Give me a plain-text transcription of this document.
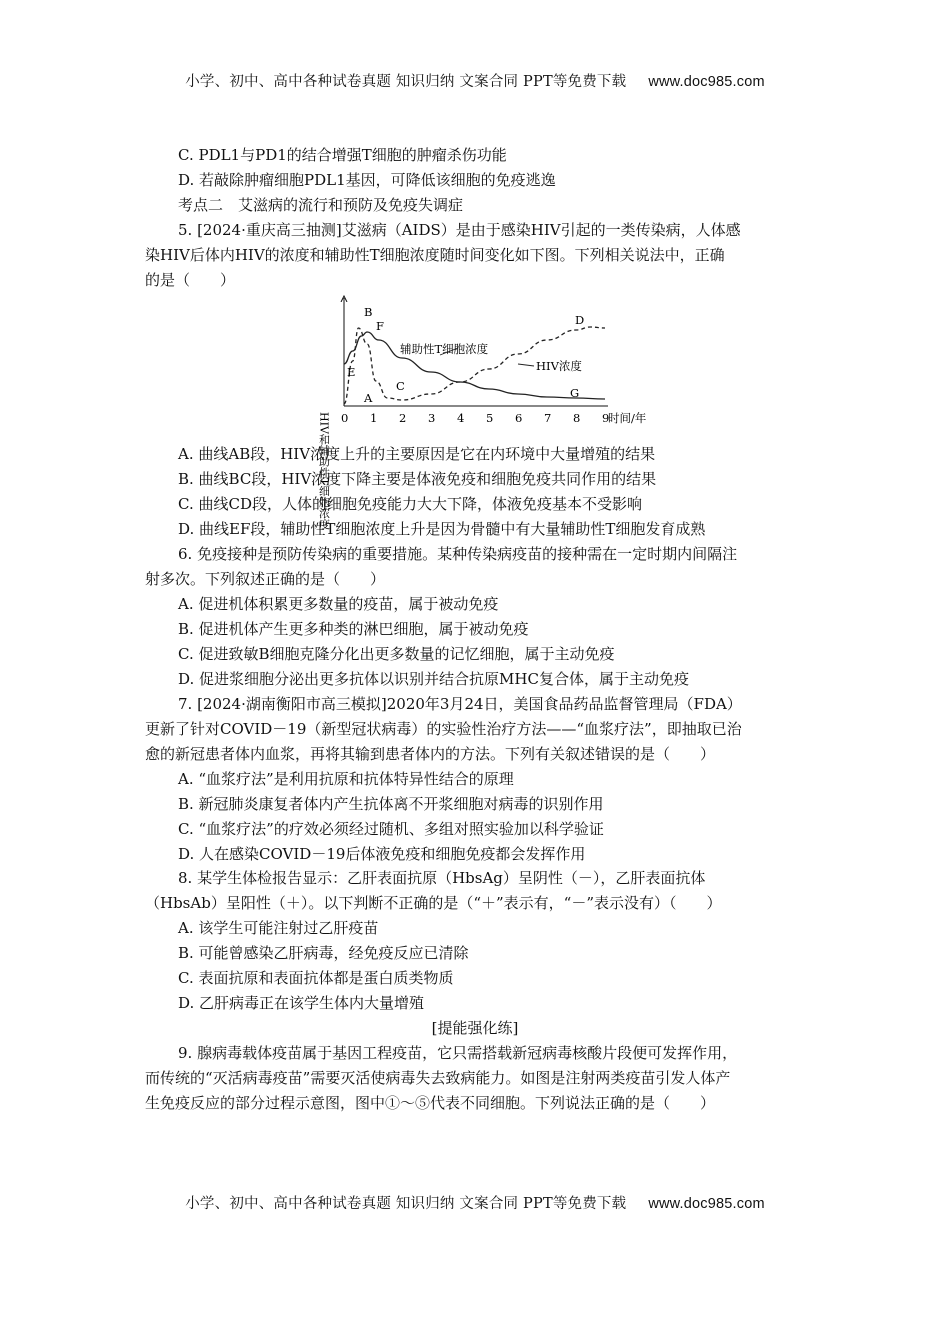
小学、初中、高中各种试卷真题 知识归纳 文案合同 PPT等免费下载 www.doc985.com
C. PDL1与PD1的结合增强T细胞的肿瘤杀伤功能
D. 若敲除肿瘤细胞PDL1基因，可降低该细胞的免疫逃逸
考点二　艾滋病的流行和预防及免疫失调症
5. [2024·重庆高三抽测]艾滋病（AIDS）是由于感染HIV引起的一类传染病，人体感
染HIV后体内HIV的浓度和辅助性T细胞浓度随时间变化如下图。下列相关说法中，正确
的是（　　）
HIV和辅助性T细胞浓度	时间/年
0 1 2 3 4 5 6 7 8 9
辅助性T细胞浓度
HIV浓度
A
B
C
D
E
F
G
A. 曲线AB段，HIV浓度上升的主要原因是它在内环境中大量增殖的结果
B. 曲线BC段，HIV浓度下降主要是体液免疫和细胞免疫共同作用的结果
C. 曲线CD段，人体的细胞免疫能力大大下降，体液免疫基本不受影响
D. 曲线EF段，辅助性T细胞浓度上升是因为骨髓中有大量辅助性T细胞发育成熟
6. 免疫接种是预防传染病的重要措施。某种传染病疫苗的接种需在一定时期内间隔注
射多次。下列叙述正确的是（　　）
A. 促进机体积累更多数量的疫苗，属于被动免疫
B. 促进机体产生更多种类的淋巴细胞，属于被动免疫
C. 促进致敏B细胞克隆分化出更多数量的记忆细胞，属于主动免疫
D. 促进浆细胞分泌出更多抗体以识别并结合抗原MHC复合体，属于主动免疫
7. [2024·湖南衡阳市高三模拟]2020年3月24日，美国食品药品监督管理局（FDA）
更新了针对COVID－19（新型冠状病毒）的实验性治疗方法——“血浆疗法”，即抽取已治
愈的新冠患者体内血浆，再将其输到患者体内的方法。下列有关叙述错误的是（　　）
A. “血浆疗法”是利用抗原和抗体特异性结合的原理
B. 新冠肺炎康复者体内产生抗体离不开浆细胞对病毒的识别作用
C. “血浆疗法”的疗效必须经过随机、多组对照实验加以科学验证
D. 人在感染COVID－19后体液免疫和细胞免疫都会发挥作用
8. 某学生体检报告显示：乙肝表面抗原（HbsAg）呈阴性（－），乙肝表面抗体
（HbsAb）呈阳性（＋）。以下判断不正确的是（“＋”表示有，“－”表示没有）（　　）
A. 该学生可能注射过乙肝疫苗
B. 可能曾感染乙肝病毒，经免疫反应已清除
C. 表面抗原和表面抗体都是蛋白质类物质
D. 乙肝病毒正在该学生体内大量增殖
[提能强化练]
9. 腺病毒载体疫苗属于基因工程疫苗，它只需搭载新冠病毒核酸片段便可发挥作用，
而传统的“灭活病毒疫苗”需要灭活使病毒失去致病能力。如图是注射两类疫苗引发人体产
生免疫反应的部分过程示意图，图中①～⑤代表不同细胞。下列说法正确的是（　　）
小学、初中、高中各种试卷真题 知识归纳 文案合同 PPT等免费下载 www.doc985.com
